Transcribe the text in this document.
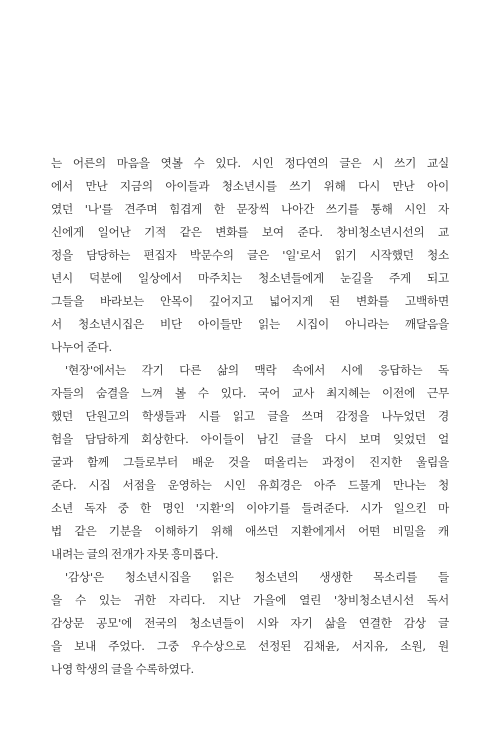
는 어른의 마음을 엿볼 수 있다. 시인 정다연의 글은 시 쓰기 교실
에서 만난 지금의 아이들과 청소년시를 쓰기 위해 다시 만난 아이
였던 '나'를 견주며 힘겹게 한 문장씩 나아간 쓰기를 통해 시인 자
신에게 일어난 기적 같은 변화를 보여 준다. 창비청소년시선의 교
정을 담당하는 편집자 박문수의 글은 '일'로서 읽기 시작했던 청소
년시 덕분에 일상에서 마주치는 청소년들에게 눈길을 주게 되고
그들을 바라보는 안목이 깊어지고 넓어지게 된 변화를 고백하면
서 청소년시집은 비단 아이들만 읽는 시집이 아니라는 깨달음을
나누어 준다.
'현장'에서는 각기 다른 삶의 맥락 속에서 시에 응답하는 독
자들의 숨결을 느껴 볼 수 있다. 국어 교사 최지혜는 이전에 근무
했던 단원고의 학생들과 시를 읽고 글을 쓰며 감정을 나누었던 경
험을 담담하게 회상한다. 아이들이 남긴 글을 다시 보며 잊었던 얼
굴과 함께 그들로부터 배운 것을 떠올리는 과정이 진지한 울림을
준다. 시집 서점을 운영하는 시인 유희경은 아주 드물게 만나는 청
소년 독자 중 한 명인 '지환'의 이야기를 들려준다. 시가 일으킨 마
법 같은 기분을 이해하기 위해 애쓰던 지환에게서 어떤 비밀을 캐
내려는 글의 전개가 자못 흥미롭다.
'감상'은 청소년시집을 읽은 청소년의 생생한 목소리를 들
을 수 있는 귀한 자리다. 지난 가을에 열린 '창비청소년시선 독서
감상문 공모'에 전국의 청소년들이 시와 자기 삶을 연결한 감상 글
을 보내 주었다. 그중 우수상으로 선정된 김채윤, 서지유, 소원, 원
나영 학생의 글을 수록하였다.
